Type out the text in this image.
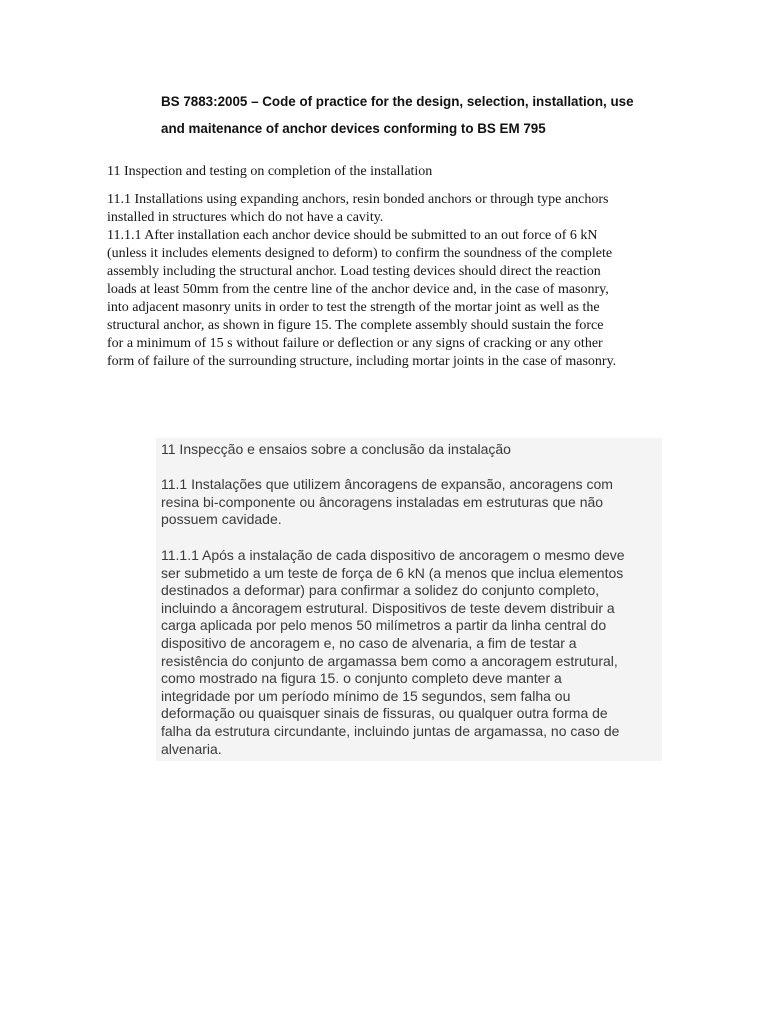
BS 7883:2005 – Code of practice for the design, selection, installation, use
and maitenance of anchor devices conforming to BS EM 795
11 Inspection and testing on completion of the installation
11.1 Installations using expanding anchors, resin bonded anchors or through type anchors
installed in structures which do not have a cavity.
11.1.1 After installation each anchor device should be submitted to an out force of 6 kN
(unless it includes elements designed to deform) to confirm the soundness of the complete
assembly including the structural anchor. Load testing devices should direct the reaction
loads at least 50mm from the centre line of the anchor device and, in the case of masonry,
into adjacent masonry units in order to test the strength of the mortar joint as well as the
structural anchor, as shown in figure 15. The complete assembly should sustain the force
for a minimum of 15 s without failure or deflection or any signs of cracking or any other
form of failure of the surrounding structure, including mortar joints in the case of masonry.
11 Inspecção e ensaios sobre a conclusão da instalação
11.1 Instalações que utilizem âncoragens de expansão, ancoragens com
resina bi-componente ou âncoragens instaladas em estruturas que não
possuem cavidade.
11.1.1 Após a instalação de cada dispositivo de ancoragem o mesmo deve
ser submetido a um teste de força de 6 kN (a menos que inclua elementos
destinados a deformar) para confirmar a solidez do conjunto completo,
incluindo a âncoragem estrutural. Dispositivos de teste devem distribuir a
carga aplicada por pelo menos 50 milímetros a partir da linha central do
dispositivo de ancoragem e, no caso de alvenaria, a fim de testar a
resistência do conjunto de argamassa bem como a ancoragem estrutural,
como mostrado na figura 15. o conjunto completo deve manter a
integridade por um período mínimo de 15 segundos, sem falha ou
deformação ou quaisquer sinais de fissuras, ou qualquer outra forma de
falha da estrutura circundante, incluindo juntas de argamassa, no caso de
alvenaria.
